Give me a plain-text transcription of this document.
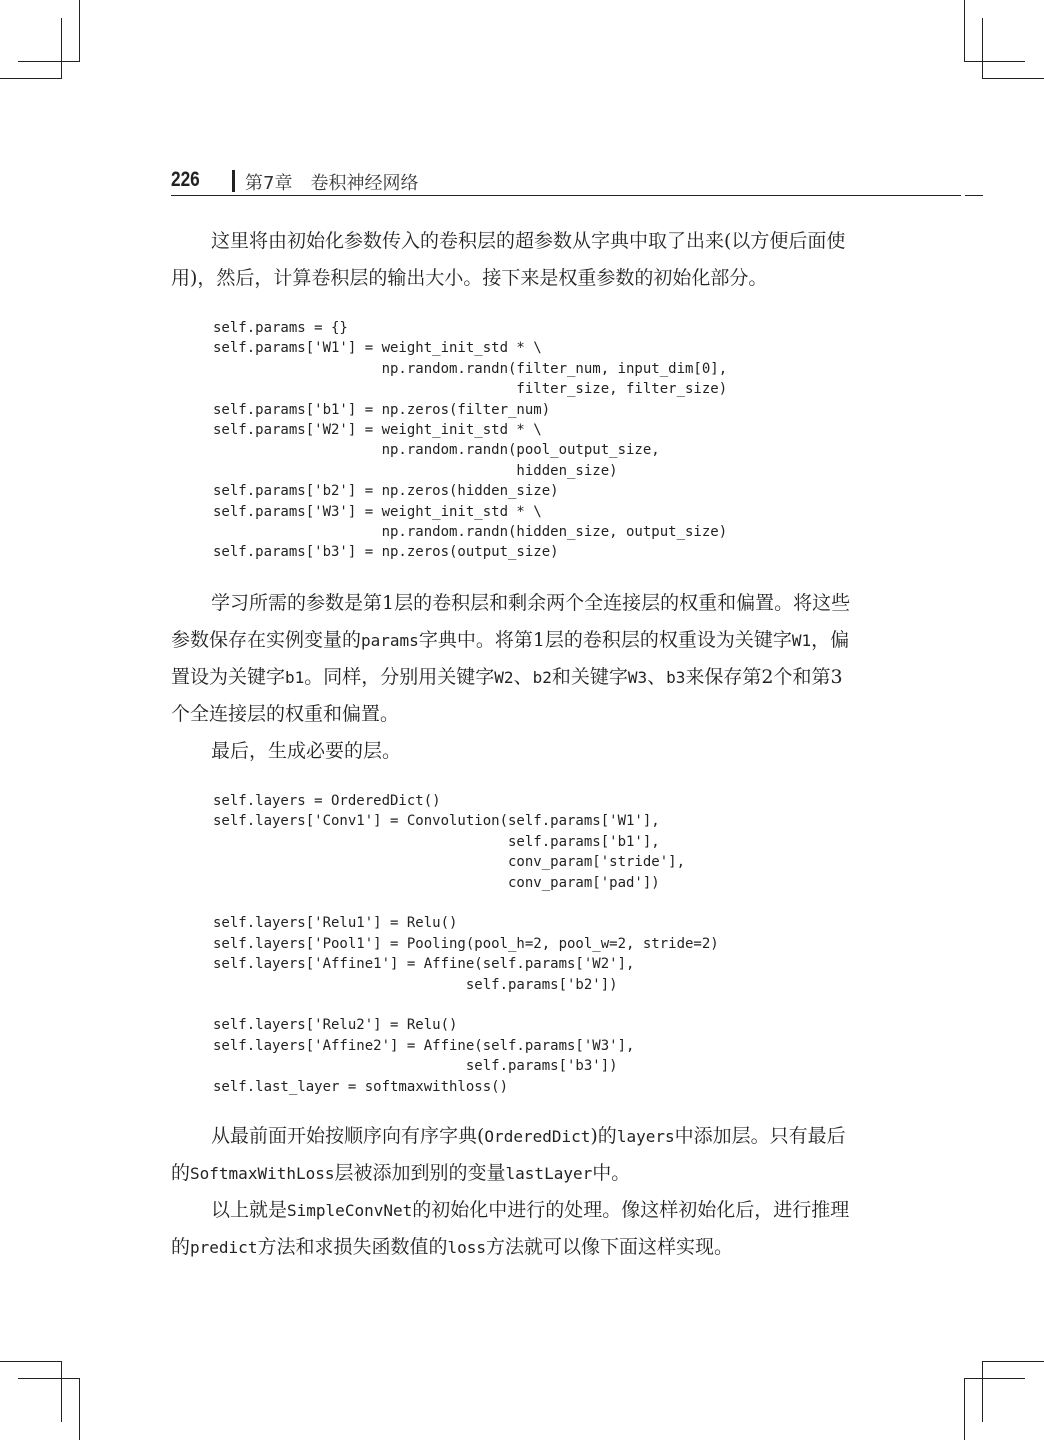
226	第7章　卷积神经网络

这里将由初始化参数传入的卷积层的超参数从字典中取了出来(以方便后面使用)，然后，计算卷积层的输出大小。接下来是权重参数的初始化部分。

self.params = {}
self.params['W1'] = weight_init_std * \
np.random.randn(filter_num, input_dim[0],
filter_size, filter_size)
self.params['b1'] = np.zeros(filter_num)
self.params['W2'] = weight_init_std * \
np.random.randn(pool_output_size,
hidden_size)
self.params['b2'] = np.zeros(hidden_size)
self.params['W3'] = weight_init_std * \
np.random.randn(hidden_size, output_size)
self.params['b3'] = np.zeros(output_size)

学习所需的参数是第1层的卷积层和剩余两个全连接层的权重和偏置。将这些参数保存在实例变量的params字典中。将第1层的卷积层的权重设为关键字W1，偏置设为关键字b1。同样，分别用关键字W2、b2和关键字W3、b3来保存第2个和第3个全连接层的权重和偏置。

最后，生成必要的层。

self.layers = OrderedDict()
self.layers['Conv1'] = Convolution(self.params['W1'],
self.params['b1'],
conv_param['stride'],
conv_param['pad'])

self.layers['Relu1'] = Relu()
self.layers['Pool1'] = Pooling(pool_h=2, pool_w=2, stride=2)
self.layers['Affine1'] = Affine(self.params['W2'],
self.params['b2'])

self.layers['Relu2'] = Relu()
self.layers['Affine2'] = Affine(self.params['W3'],
self.params['b3'])
self.last_layer = softmaxwithloss()

从最前面开始按顺序向有序字典(OrderedDict)的layers中添加层。只有最后的SoftmaxWithLoss层被添加到别的变量lastLayer中。

以上就是SimpleConvNet的初始化中进行的处理。像这样初始化后，进行推理的predict方法和求损失函数值的loss方法就可以像下面这样实现。
